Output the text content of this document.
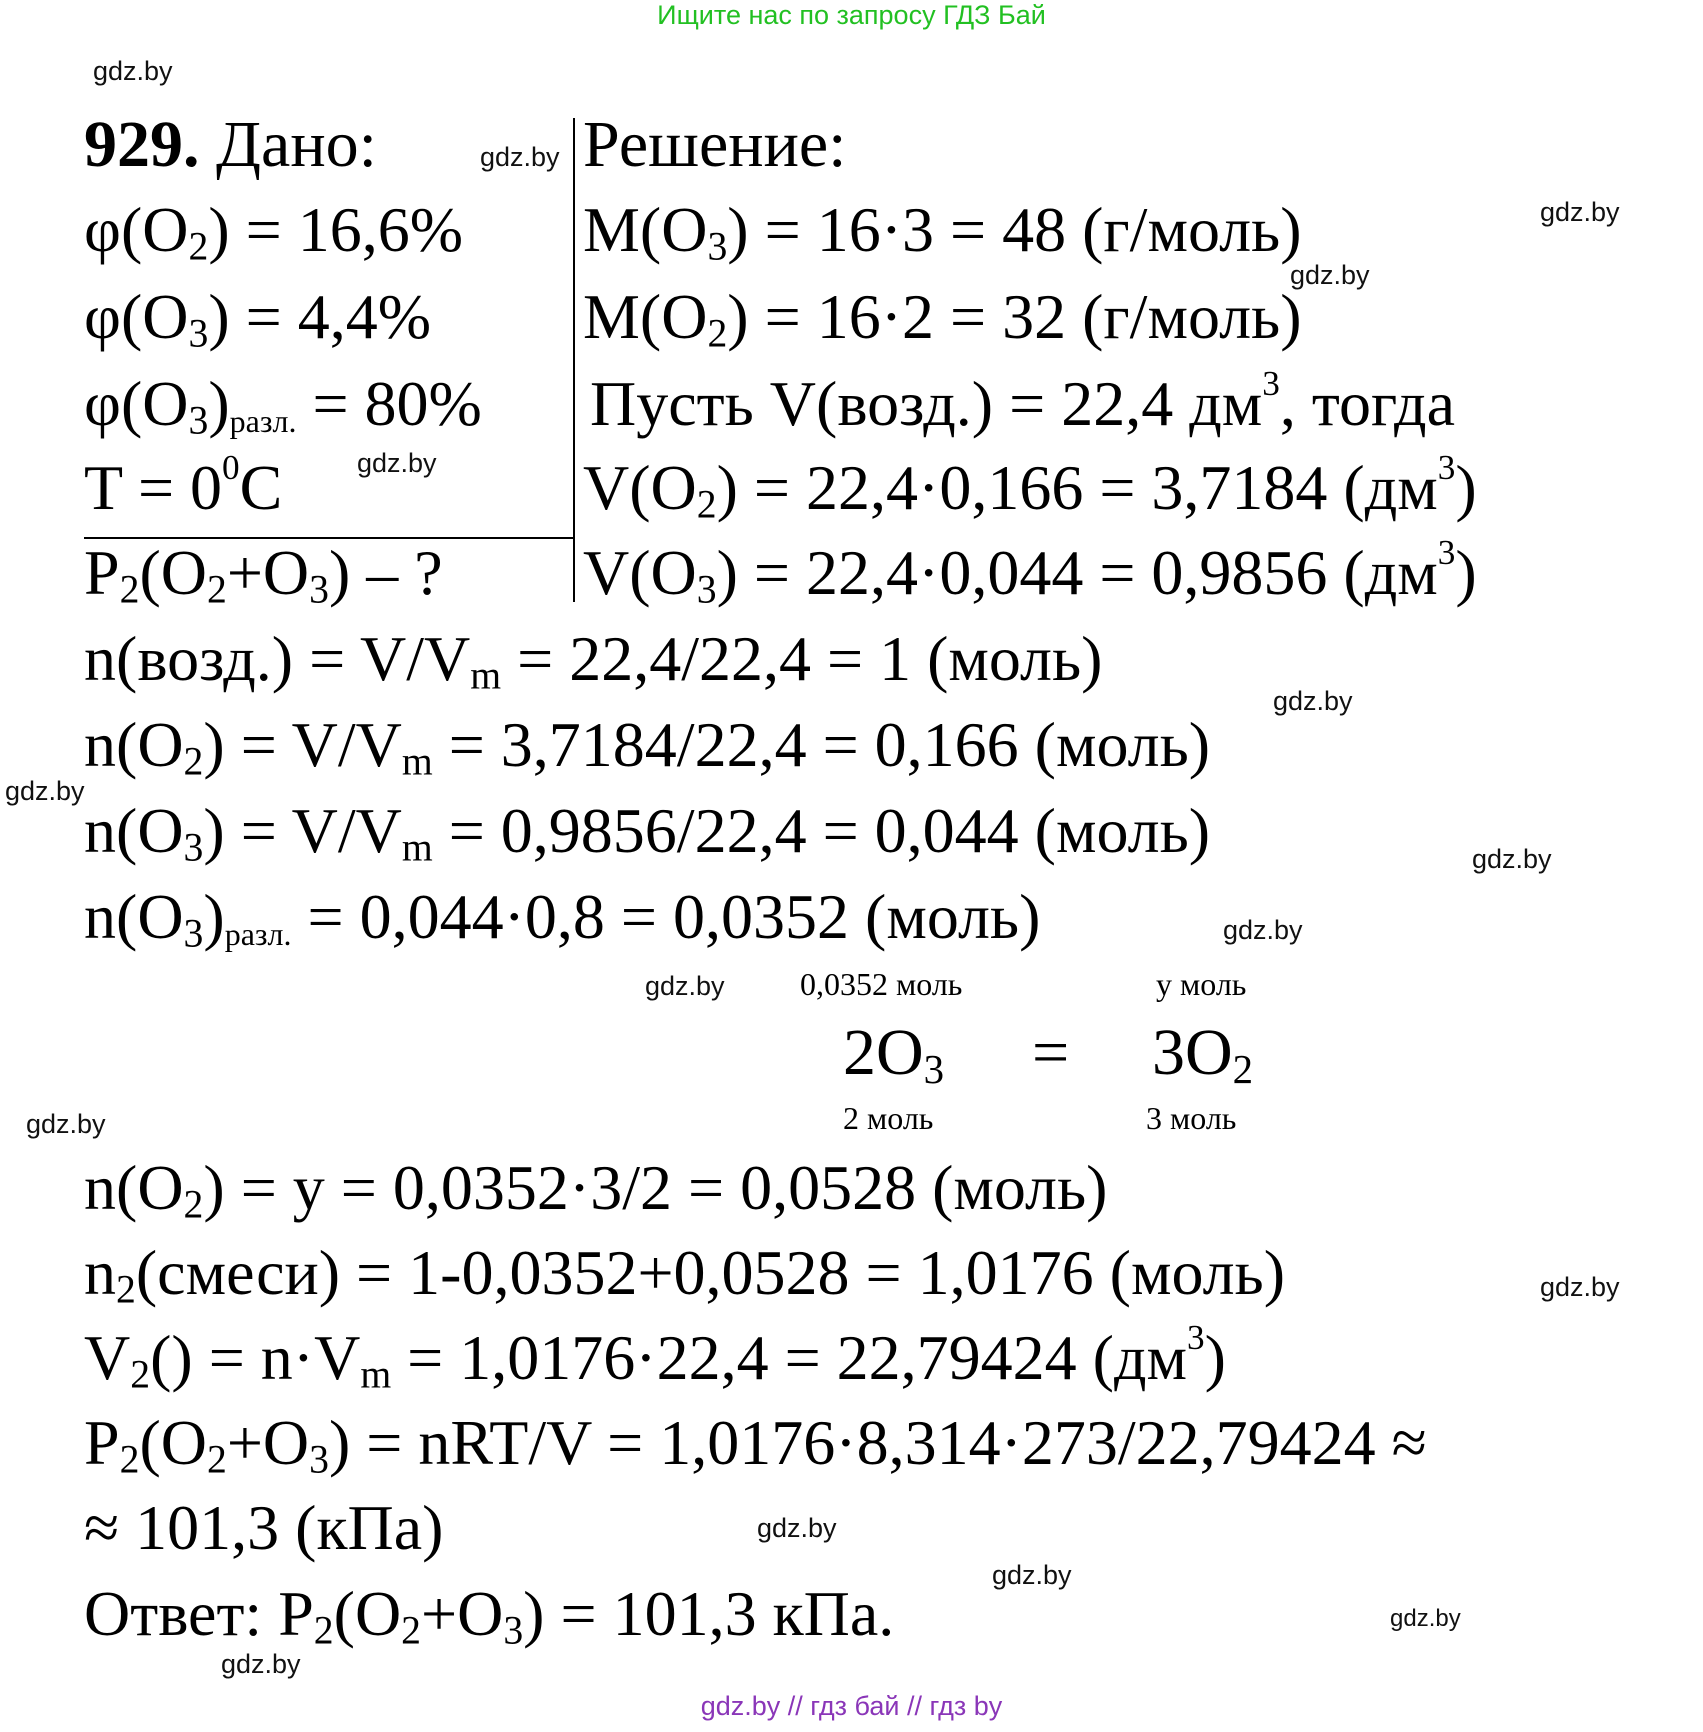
Ищите нас по запросу ГДЗ Бай
gdz.by
gdz.by
gdz.by
gdz.by
gdz.by
gdz.by
gdz.by
gdz.by
gdz.by
gdz.by
gdz.by
gdz.by
gdz.by
gdz.by
gdz.by
gdz.by
929. Дано:	Решение:
$\varphi(O_2) = 16,6\%$
$\varphi(O_3) = 4,4\%$
$\varphi(O_3)_{разл.} = 80\%$
$T = 0^0C$
$P_2(O_2+O_3)$ – ?
$M(O_3) = 16\cdot 3 = 48$ (г/моль)
$M(O_2) = 16\cdot 2 = 32$ (г/моль)
Пусть V(возд.) = 22,4 $дм^3$, тогда
$V(O_2) = 22,4\cdot 0,166 = 3,7184$ $(дм^3)$
$V(O_3) = 22,4\cdot 0,044 = 0,9856$ $(дм^3)$
n(возд.) = $V/V_m = 22,4/22,4 = 1$ (моль)
$n(O_2) = V/V_m = 3,7184/22,4 = 0,166$ (моль)
$n(O_3) = V/V_m = 0,9856/22,4 = 0,044$ (моль)
$n(O_3)_{разл.} = 0,044\cdot 0,8 = 0,0352$ (моль)
0,0352 моль	y моль
$2O_3 = 3O_2$
2 моль	3 моль
$n(O_2) = y = 0,0352\cdot 3/2 = 0,0528$ (моль)
$n_2(смеси) = 1-0,0352+0,0528 = 1,0176$ (моль)
$V_2() = n\cdot V_m = 1,0176\cdot 22,4 = 22,79424$ $(дм^3)$
$P_2(O_2+O_3) = nRT/V = 1,0176\cdot 8,314\cdot 273/22,79424$ ≈
≈ 101,3 (кПа)
Ответ: $P_2(O_2+O_3) = 101,3$ кПа.
gdz.by // гдз бай // гдз by
